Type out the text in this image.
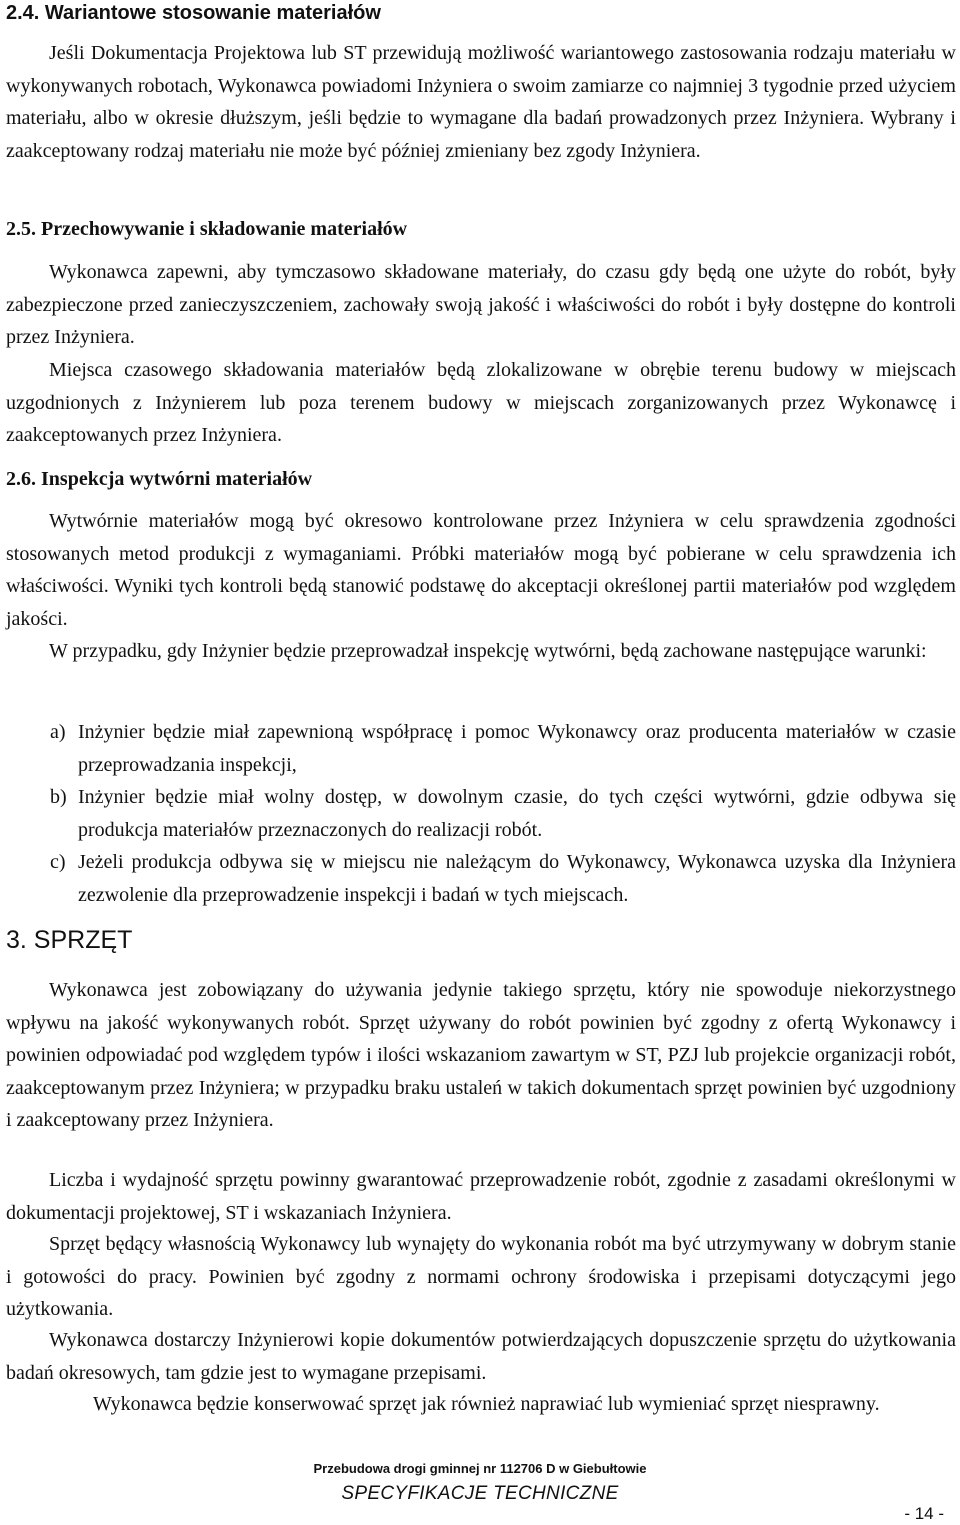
2.4. Wariantowe stosowanie materiałów

Jeśli Dokumentacja Projektowa lub ST przewidują możliwość wariantowego zastosowania rodzaju materiału w wykonywanych robotach, Wykonawca powiadomi Inżyniera o swoim zamiarze co najmniej 3 tygodnie przed użyciem materiału, albo w okresie dłuższym, jeśli będzie to wymagane dla badań prowadzonych przez Inżyniera. Wybrany i zaakceptowany rodzaj materiału nie może być później zmieniany bez zgody Inżyniera.

2.5. Przechowywanie i składowanie materiałów

Wykonawca zapewni, aby tymczasowo składowane materiały, do czasu gdy będą one użyte do robót, były zabezpieczone przed zanieczyszczeniem, zachowały swoją jakość i właściwości do robót i były dostępne do kontroli przez Inżyniera.

Miejsca czasowego składowania materiałów będą zlokalizowane w obrębie terenu budowy w miejscach uzgodnionych z Inżynierem lub poza terenem budowy w miejscach zorganizowanych przez Wykonawcę i zaakceptowanych przez Inżyniera.

2.6. Inspekcja wytwórni materiałów

Wytwórnie materiałów mogą być okresowo kontrolowane przez Inżyniera w celu sprawdzenia zgodności stosowanych metod produkcji z wymaganiami. Próbki materiałów mogą być pobierane w celu sprawdzenia ich właściwości. Wyniki tych kontroli będą stanowić podstawę do akceptacji określonej partii materiałów pod względem jakości.

W przypadku, gdy Inżynier będzie przeprowadzał inspekcję wytwórni, będą zachowane następujące warunki:

a) Inżynier będzie miał zapewnioną współpracę i pomoc Wykonawcy oraz producenta materiałów w czasie przeprowadzania inspekcji,
b) Inżynier będzie miał wolny dostęp, w dowolnym czasie, do tych części wytwórni, gdzie odbywa się produkcja materiałów przeznaczonych do realizacji robót.
c) Jeżeli produkcja odbywa się w miejscu nie należącym do Wykonawcy, Wykonawca uzyska dla Inżyniera zezwolenie dla przeprowadzenie inspekcji i badań w tych miejscach.
3. SPRZĘT

Wykonawca jest zobowiązany do używania jedynie takiego sprzętu, który nie spowoduje niekorzystnego wpływu na jakość wykonywanych robót. Sprzęt używany do robót powinien być zgodny z ofertą Wykonawcy i powinien odpowiadać pod względem typów i ilości wskazaniom zawartym w ST, PZJ lub projekcie organizacji robót, zaakceptowanym przez Inżyniera; w przypadku braku ustaleń w takich dokumentach sprzęt powinien być uzgodniony i zaakceptowany przez Inżyniera.

Liczba i wydajność sprzętu powinny gwarantować przeprowadzenie robót, zgodnie z zasadami określonymi w dokumentacji projektowej, ST i wskazaniach Inżyniera.

Sprzęt będący własnością Wykonawcy lub wynajęty do wykonania robót ma być utrzymywany w dobrym stanie i gotowości do pracy. Powinien być zgodny z normami ochrony środowiska i przepisami dotyczącymi jego użytkowania.

Wykonawca dostarczy Inżynierowi kopie dokumentów potwierdzających dopuszczenie sprzętu do użytkowania badań okresowych, tam gdzie jest to wymagane przepisami.

Wykonawca będzie konserwować sprzęt jak również naprawiać lub wymieniać sprzęt niesprawny.

Przebudowa drogi gminnej nr 112706 D w Giebułtowie
SPECYFIKACJE TECHNICZNE
- 14 -
